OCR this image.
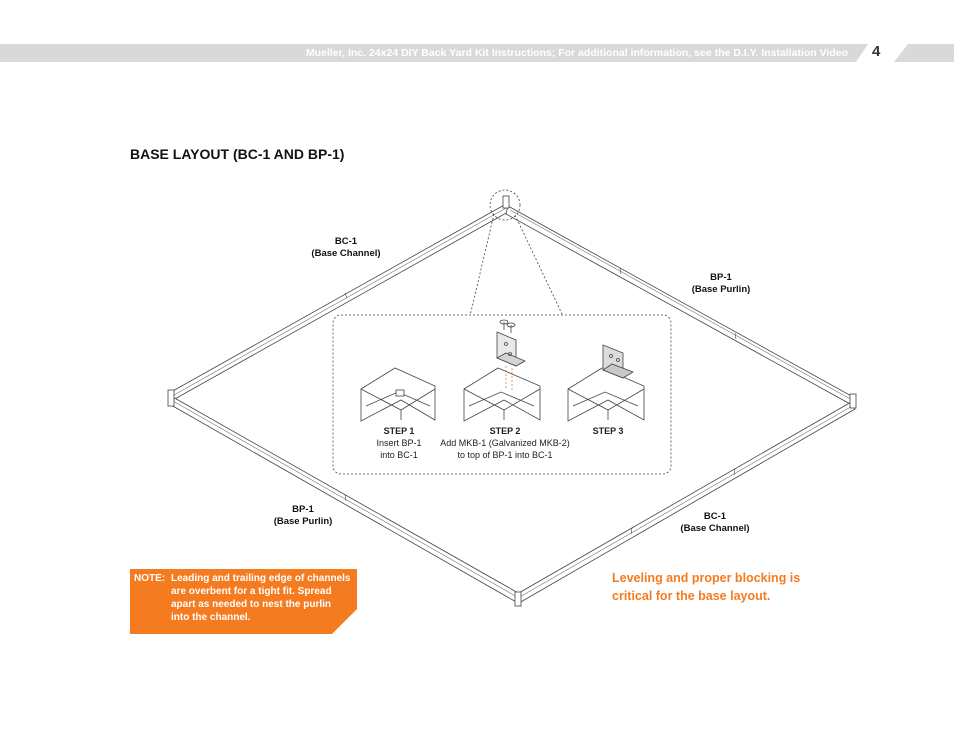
Mueller, Inc. 24x24 DIY Back Yard Kit Instructions; For additional information, see the D.I.Y. Installation Video 4
BASE LAYOUT (BC-1 AND BP-1)
BC-1
(Base Channel)
BP-1
(Base Purlin)
BP-1
(Base Purlin)	BC-1
(Base Channel)
STEP 1
Insert BP-1
into BC-1
STEP 2
Add MKB-1 (Galvanized MKB-2)
to top of BP-1 into BC-1
STEP 3
NOTE: Leading and trailing edge of channels are overbent for a tight fit. Spread apart as needed to nest the purlin into the channel.
Leveling and proper blocking is critical for the base layout.
